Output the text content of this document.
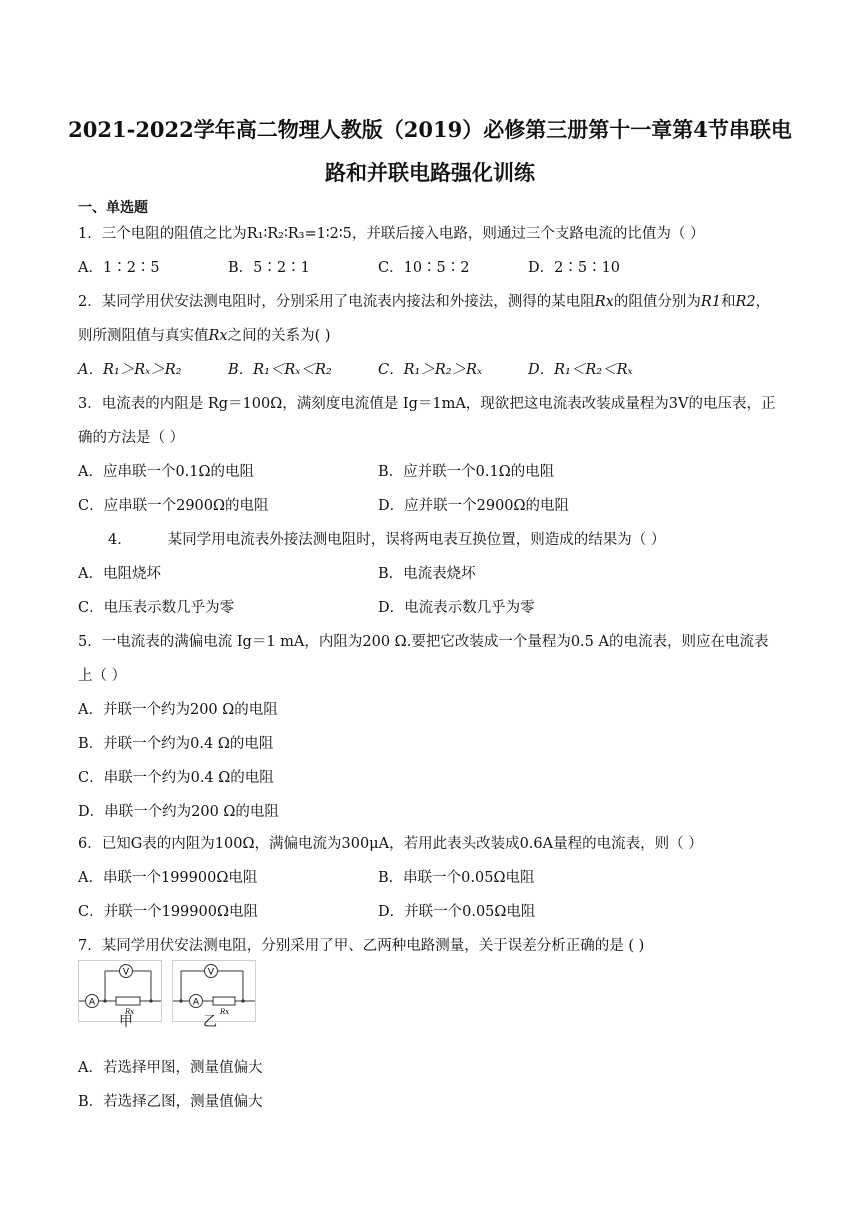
2021-2022学年高二物理人教版（2019）必修第三册第十一章第4节串联电
路和并联电路强化训练
一、单选题
1．三个电阻的阻值之比为R₁∶R₂∶R₃=1∶2∶5，并联后接入电路，则通过三个支路电流的比值为（ ）
A．1∶2∶5	B．5∶2∶1	C．10∶5∶2	D．2∶5∶10
2．某同学用伏安法测电阻时，分别采用了电流表内接法和外接法，测得的某电阻Rx的阻值分别为R1和R2，
则所测阻值与真实值Rx之间的关系为( )
A．R₁＞Rₓ＞R₂	B．R₁＜Rₓ＜R₂	C．R₁＞R₂＞Rₓ	D．R₁＜R₂＜Rₓ
3．电流表的内阻是 Rg＝100Ω，满刻度电流值是 Ig＝1mA，现欲把这电流表改装成量程为3V的电压表，正
确的方法是（ ）
A．应串联一个0.1Ω的电阻	B．应并联一个0.1Ω的电阻
C．应串联一个2900Ω的电阻	D．应并联一个2900Ω的电阻
4． 某同学用电流表外接法测电阻时，误将两电表互换位置，则造成的结果为（ ）
A．电阻烧坏	B．电流表烧坏
C．电压表示数几乎为零	D．电流表示数几乎为零
5．一电流表的满偏电流 Ig＝1 mA，内阻为200 Ω.要把它改装成一个量程为0.5 A的电流表，则应在电流表
上（ ）
A．并联一个约为200 Ω的电阻
B．并联一个约为0.4 Ω的电阻
C．串联一个约为0.4 Ω的电阻
D．串联一个约为200 Ω的电阻
6．已知G表的内阻为100Ω，满偏电流为300μA，若用此表头改装成0.6A量程的电流表，则（ ）
A．串联一个199900Ω电阻	B．串联一个0.05Ω电阻
C．并联一个199900Ω电阻	D．并联一个0.05Ω电阻
7．某同学用伏安法测电阻，分别采用了甲、乙两种电路测量，关于误差分析正确的是 ( )
V
A
Rx
甲
V
A
Rx
乙
A．若选择甲图，测量值偏大
B．若选择乙图，测量值偏大
